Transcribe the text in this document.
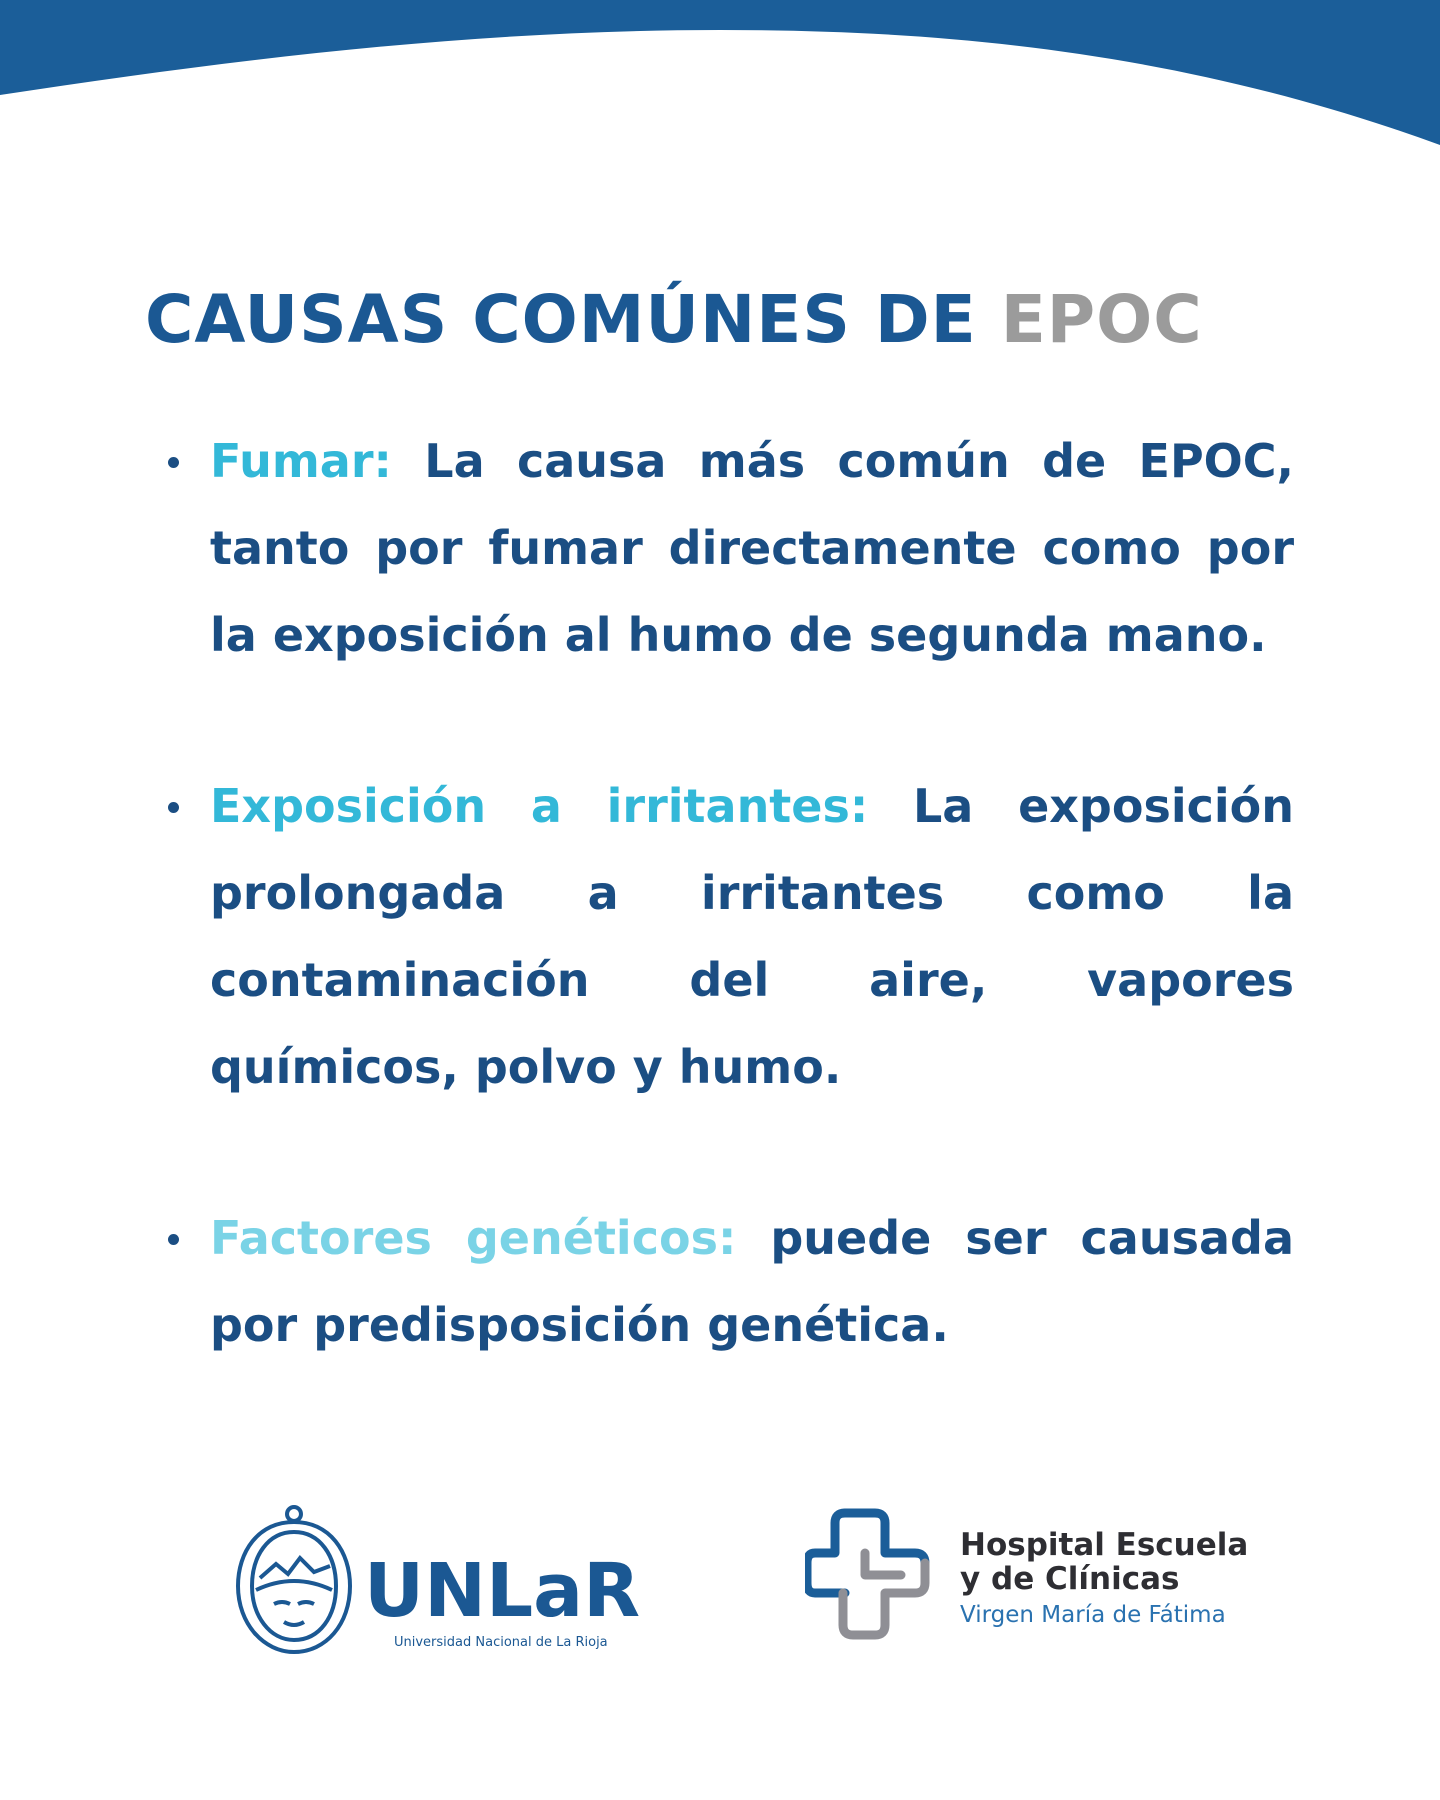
CAUSAS COMÚNES DE EPOC
Fumar: La causa más común de EPOC, tanto por fumar directamente como por la exposición al humo de segunda mano.
Exposición a irritantes: La exposición prolongada a irritantes como la contaminación del aire, vapores químicos, polvo y humo.
Factores genéticos: puede ser causada por predisposición genética.
UNLaR
Universidad Nacional de La Rioja

Hospital Escuela

y de Clínicas

Virgen María de Fátima
